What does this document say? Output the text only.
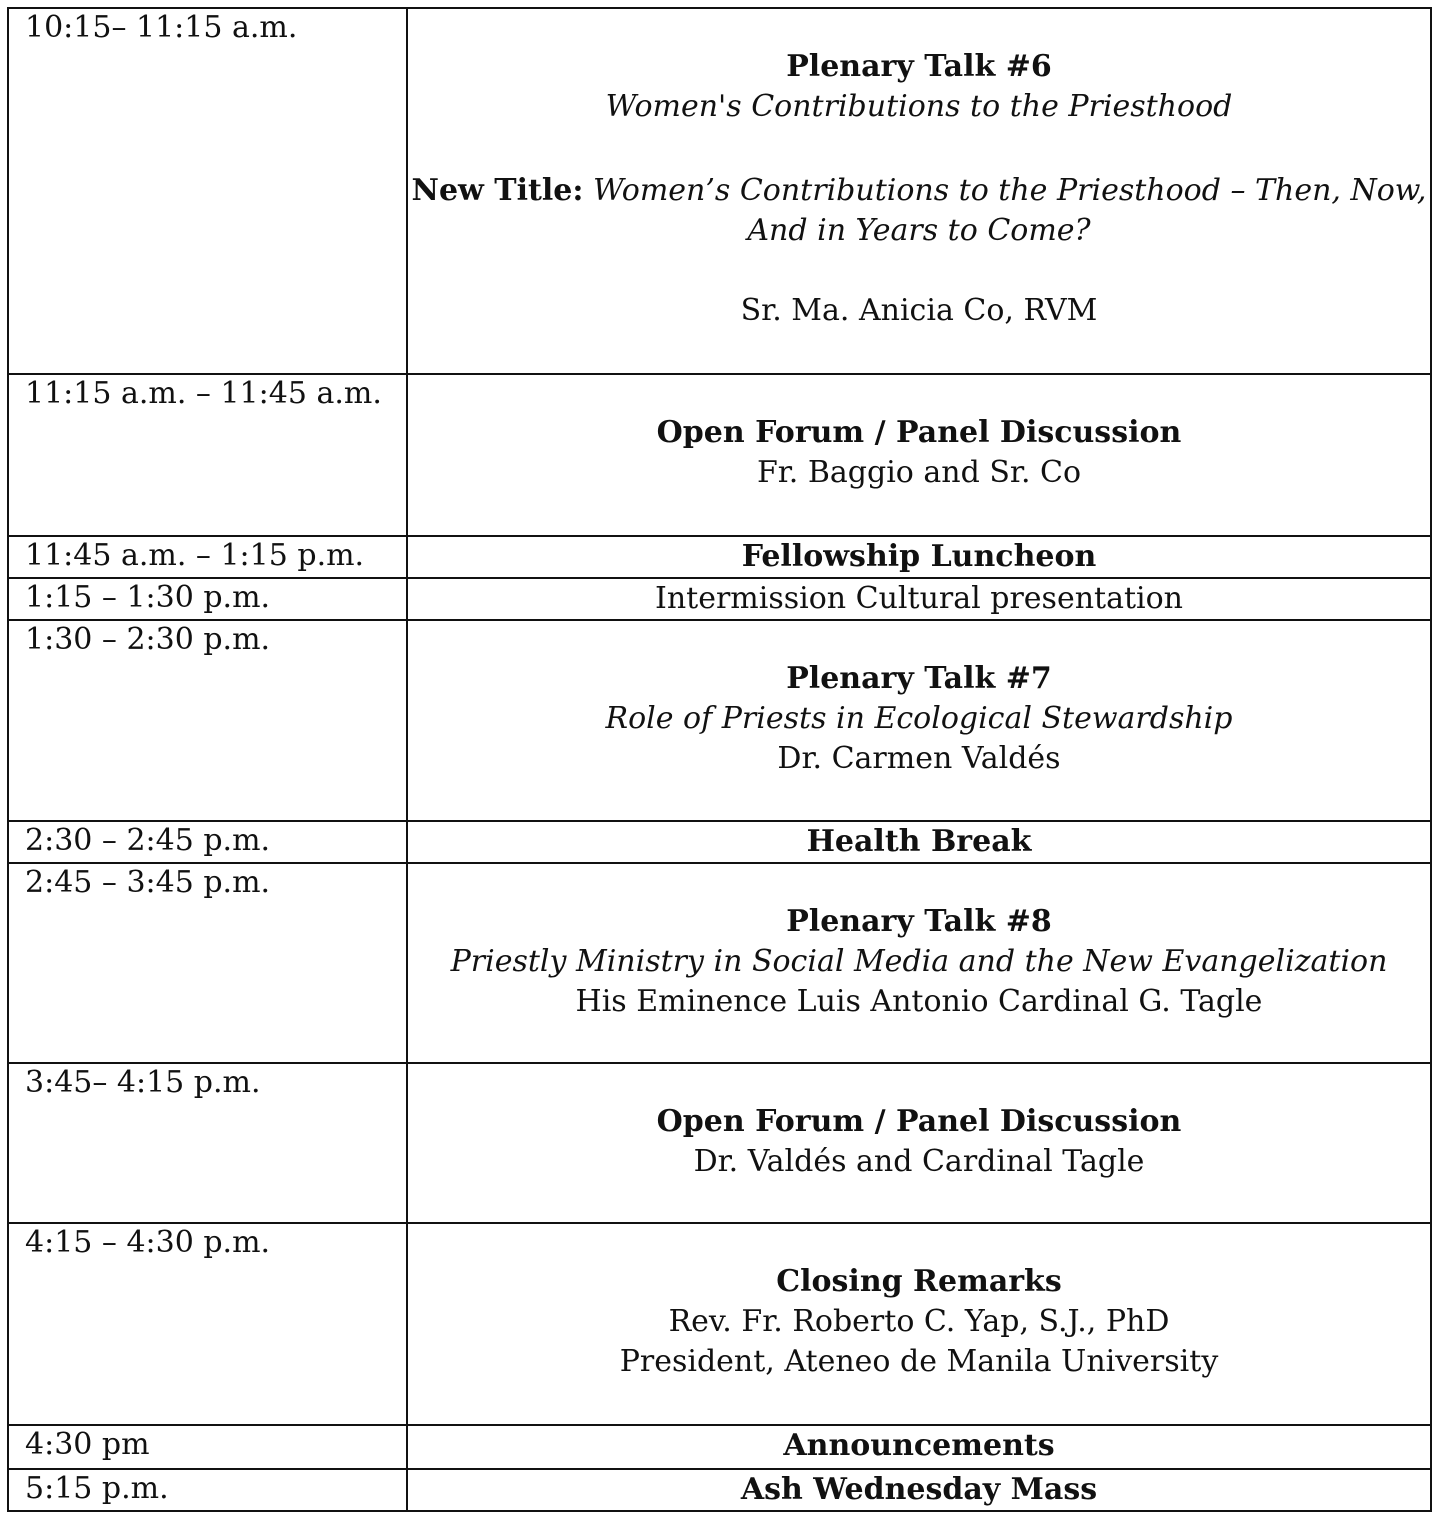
10:15– 11:15 a.m.	Plenary Talk #6
Women's Contributions to the Priesthood
New Title: Women’s Contributions to the Priesthood – Then, Now,
And in Years to Come?
Sr. Ma. Anicia Co, RVM

11:15 a.m. – 11:45 a.m.	Open Forum / Panel Discussion
Fr. Baggio and Sr. Co

11:45 a.m. – 1:15 p.m.	Fellowship Luncheon

1:15 – 1:30 p.m.	Intermission Cultural presentation

1:30 – 2:30 p.m.	Plenary Talk #7
Role of Priests in Ecological Stewardship
Dr. Carmen Valdés

2:30 – 2:45 p.m.	Health Break

2:45 – 3:45 p.m.	Plenary Talk #8
Priestly Ministry in Social Media and the New Evangelization
His Eminence Luis Antonio Cardinal G. Tagle

3:45– 4:15 p.m.	Open Forum / Panel Discussion
Dr. Valdés and Cardinal Tagle

4:15 – 4:30 p.m.	Closing Remarks
Rev. Fr. Roberto C. Yap, S.J., PhD
President, Ateneo de Manila University

4:30 pm	Announcements

5:15 p.m.	Ash Wednesday Mass
